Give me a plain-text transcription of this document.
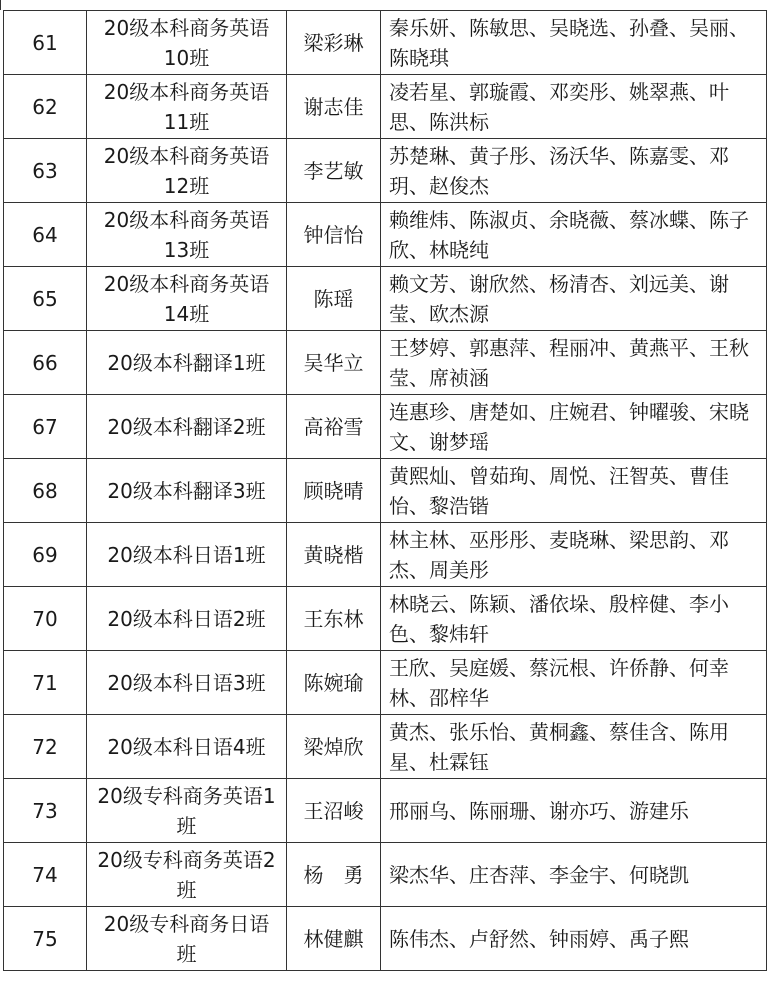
61	20级本科商务英语10班	梁彩琳	秦乐妍、陈敏思、吴晓选、孙叠、吴丽、陈晓琪
62	20级本科商务英语11班	谢志佳	凌若星、郭璇霞、邓奕彤、姚翠燕、叶思、陈洪标
63	20级本科商务英语12班	李艺敏	苏楚琳、黄子彤、汤沃华、陈嘉雯、邓玥、赵俊杰
64	20级本科商务英语13班	钟信怡	赖维炜、陈淑贞、余晓薇、蔡冰蝶、陈子欣、林晓纯
65	20级本科商务英语14班	陈瑶	赖文芳、谢欣然、杨清杏、刘远美、谢莹、欧杰源
66	20级本科翻译1班	吴华立	王梦婷、郭惠萍、程丽冲、黄燕平、王秋莹、席祯涵
67	20级本科翻译2班	高裕雪	连惠珍、唐楚如、庄婉君、钟曜骏、宋晓文、谢梦瑶
68	20级本科翻译3班	顾晓晴	黄熙灿、曾茹珣、周悦、汪智英、曹佳怡、黎浩锴
69	20级本科日语1班	黄晓楷	林主林、巫彤彤、麦晓琳、梁思韵、邓杰、周美彤
70	20级本科日语2班	王东林	林晓云、陈颖、潘依垛、殷梓健、李小色、黎炜轩
71	20级本科日语3班	陈婉瑜	王欣、吴庭媛、蔡沅根、许侨静、何幸林、邵梓华
72	20级本科日语4班	梁焯欣	黄杰、张乐怡、黄桐鑫、蔡佳含、陈用星、杜霖钰
73	20级专科商务英语1班	王沼峻	邢丽乌、陈丽珊、谢亦巧、游建乐
74	20级专科商务英语2班	杨　勇	梁杰华、庄杏萍、李金宇、何晓凯
75	20级专科商务日语班	林健麒	陈伟杰、卢舒然、钟雨婷、禹子熙
